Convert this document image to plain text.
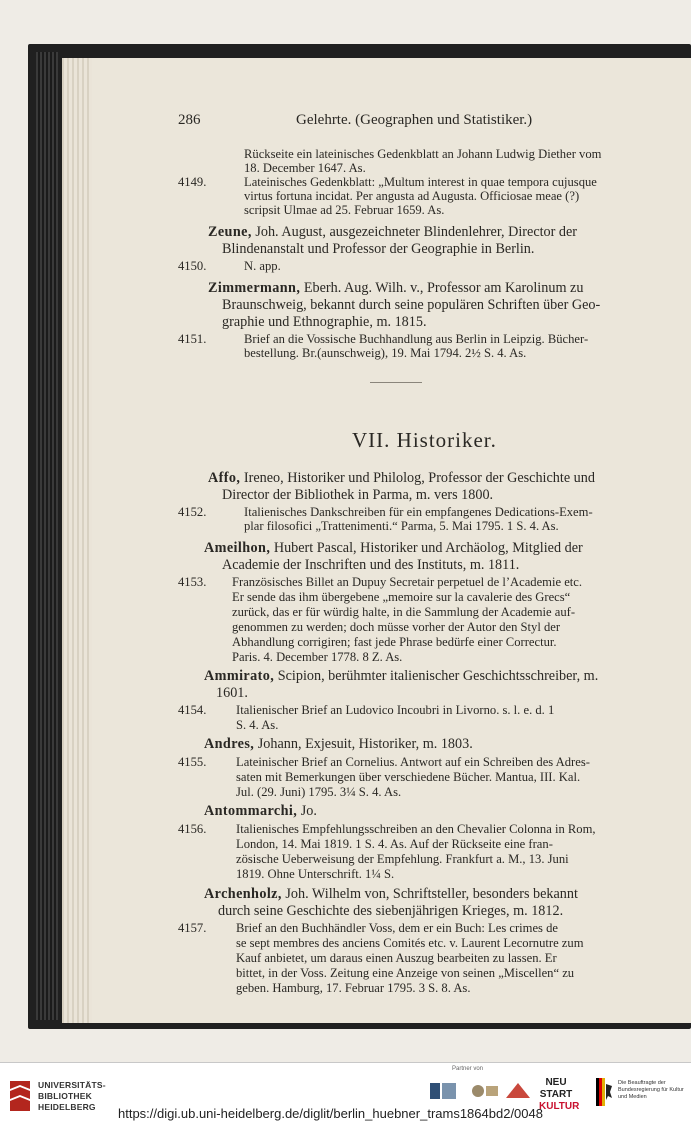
286	Gelehrte. (Geographen und Statistiker.)
Rückseite ein lateinisches Gedenkblatt an Johann Ludwig Diether vom
18. December 1647. As.
4149.	Lateinisches Gedenkblatt: „Multum interest in quae tempora cujusque
virtus fortuna incidat. Per angusta ad Augusta. Officiosae meae (?)
scripsit Ulmae ad 25. Februar 1659. As.
Zeune, Joh. August, ausgezeichneter Blindenlehrer, Director der
Blindenanstalt und Professor der Geographie in Berlin.
4150.	N. app.
Zimmermann, Eberh. Aug. Wilh. v., Professor am Karolinum zu
Braunschweig, bekannt durch seine populären Schriften über Geo-
graphie und Ethnographie, m. 1815.
4151.	Brief an die Vossische Buchhandlung aus Berlin in Leipzig. Bücher-
bestellung. Br.(aunschweig), 19. Mai 1794. 2½ S. 4. As.
VII. Historiker.
Affo, Ireneo, Historiker und Philolog, Professor der Geschichte und
Director der Bibliothek in Parma, m. vers 1800.
4152.	Italienisches Dankschreiben für ein empfangenes Dedications-Exem-
plar filosofici „Trattenimenti.“ Parma, 5. Mai 1795. 1 S. 4. As.
Ameilhon, Hubert Pascal, Historiker und Archäolog, Mitglied der
Academie der Inschriften und des Instituts, m. 1811.
4153. Französisches Billet an Dupuy Secretair perpetuel de l’Academie etc.
Er sende das ihm übergebene „memoire sur la cavalerie des Grecs“
zurück, das er für würdig halte, in die Sammlung der Academie auf-
genommen zu werden; doch müsse vorher der Autor den Styl der
Abhandlung corrigiren; fast jede Phrase bedürfe einer Correctur.
Paris. 4. December 1778. 8 Z. As.
Ammirato, Scipion, berühmter italienischer Geschichtsschreiber, m.
1601.
4154. Italienischer Brief an Ludovico Incoubri in Livorno. s. l. e. d. 1
S. 4. As.
Andres, Johann, Exjesuit, Historiker, m. 1803.
4155. Lateinischer Brief an Cornelius. Antwort auf ein Schreiben des Adres-
saten mit Bemerkungen über verschiedene Bücher. Mantua, III. Kal.
Jul. (29. Juni) 1795. 3¼ S. 4. As.
Antommarchi, Jo.
4156. Italienisches Empfehlungsschreiben an den Chevalier Colonna in Rom,
London, 14. Mai 1819. 1 S. 4. As. Auf der Rückseite eine fran-
zösische Ueberweisung der Empfehlung. Frankfurt a. M., 13. Juni
1819. Ohne Unterschrift. 1¼ S.
Archenholz, Joh. Wilhelm von, Schriftsteller, besonders bekannt
durch seine Geschichte des siebenjährigen Krieges, m. 1812.
4157. Brief an den Buchhändler Voss, dem er ein Buch: Les crimes de
se sept membres des anciens Comités etc. v. Laurent Lecornutre zum
Kauf anbietet, um daraus einen Auszug bearbeiten zu lassen. Er
bittet, in der Voss. Zeitung eine Anzeige von seinen „Miscellen“ zu
geben. Hamburg, 17. Februar 1795. 3 S. 8. As.
UNIVERSITÄTS-
BIBLIOTHEK
HEIDELBERG
Partner von
NEU
START
KULTUR
Die Beauftragte der Bundesregierung für Kultur und Medien
https://digi.ub.uni-heidelberg.de/diglit/berlin_huebner_trams1864bd2/0048
